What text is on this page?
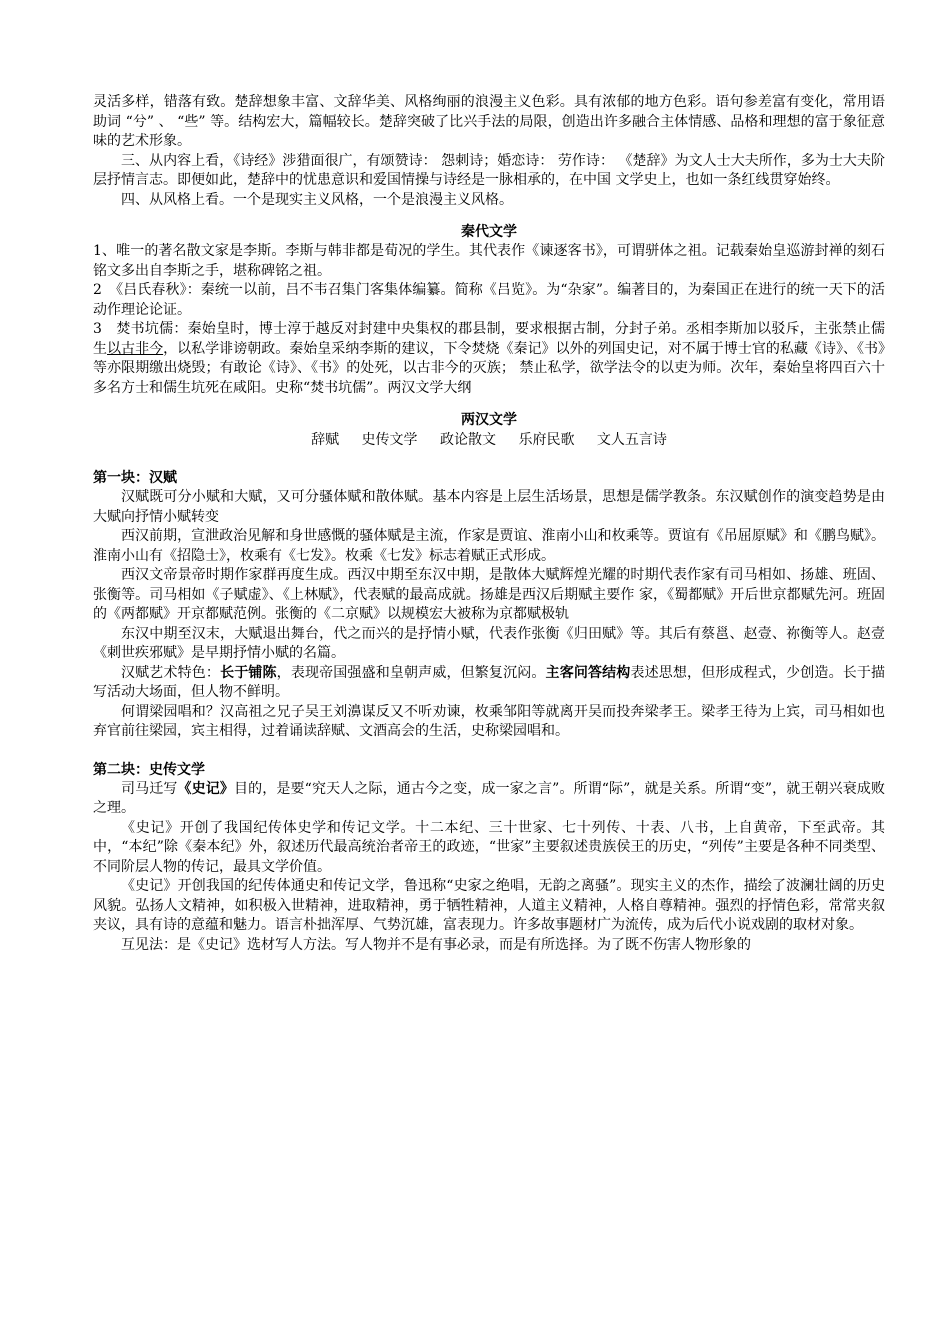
灵活多样，错落有致。楚辞想象丰富、文辞华美、风格绚丽的浪漫主义色彩。具有浓郁的地方色彩。语句参差富有变化，常用语助词 “兮” 、 “些” 等。结构宏大，篇幅较长。楚辞突破了比兴手法的局限，创造出许多融合主体情感、品格和理想的富于象征意味的艺术形象。

三、从内容上看，《诗经》涉猎面很广，有颂赞诗： 怨刺诗；婚恋诗： 劳作诗： 《楚辞》为文人士大夫所作，多为士大夫阶层抒情言志。即便如此，楚辞中的忧患意识和爱国情操与诗经是一脉相承的，在中国 文学史上，也如一条红线贯穿始终。

四、从风格上看。一个是现实主义风格，一个是浪漫主义风格。

秦代文学

1、唯一的著名散文家是李斯。李斯与韩非都是荀况的学生。其代表作《谏逐客书》，可谓骈体之祖。记载秦始皇巡游封禅的刻石铭文多出自李斯之手，堪称碑铭之祖。

2　《吕氏春秋》：秦统一以前，吕不韦召集门客集体编纂。简称《吕览》。为“杂家”。编著目的，为秦国正在进行的统一天下的活动作理论论证。

3　焚书坑儒：秦始皇时，博士淳于越反对封建中央集权的郡县制，要求根据古制，分封子弟。丞相李斯加以驳斥，主张禁止儒生以古非今，以私学诽谤朝政。秦始皇采纳李斯的建议，下令焚烧《秦记》以外的列国史记，对不属于博士官的私藏《诗》、《书》等亦限期缴出烧毁；有敢论《诗》、《书》的处死，以古非今的灭族； 禁止私学，欲学法令的以吏为师。次年，秦始皇将四百六十多名方士和儒生坑死在咸阳。史称“焚书坑儒”。两汉文学大纲

两汉文学
辞赋 史传文学 政论散文 乐府民歌 文人五言诗
第一块：汉赋

汉赋既可分小赋和大赋，又可分骚体赋和散体赋。基本内容是上层生活场景，思想是儒学教条。东汉赋创作的演变趋势是由大赋向抒情小赋转变

西汉前期，宣泄政治见解和身世感慨的骚体赋是主流，作家是贾谊、淮南小山和枚乘等。贾谊有《吊屈原赋》和《鹏鸟赋》。淮南小山有《招隐士》，枚乘有《七发》。枚乘《七发》标志着赋正式形成。

西汉文帝景帝时期作家群再度生成。西汉中期至东汉中期，是散体大赋辉煌光耀的时期代表作家有司马相如、扬雄、班固、张衡等。司马相如《子赋虚》、《上林赋》，代表赋的最高成就。扬雄是西汉后期赋主要作 家，《蜀都赋》开后世京都赋先河。班固的《两都赋》开京都赋范例。张衡的《二京赋》以规模宏大被称为京都赋极轨

东汉中期至汉末，大赋退出舞台，代之而兴的是抒情小赋，代表作张衡《归田赋》等。其后有蔡邕、赵壹、祢衡等人。赵壹《刺世疾邪赋》是早期抒情小赋的名篇。

汉赋艺术特色：长于铺陈，表现帝国强盛和皇朝声威，但繁复沉闷。主客问答结构表述思想，但形成程式，少创造。长于描写活动大场面，但人物不鲜明。

何谓梁园唱和？汉高祖之兄子吴王刘濞谋反又不听劝谏，枚乘邹阳等就离开吴而投奔梁孝王。梁孝王待为上宾，司马相如也弃官前往梁园，宾主相得，过着诵读辞赋、文酒高会的生活，史称梁园唱和。

第二块：史传文学

司马迁写《史记》目的，是要“究天人之际，通古今之变，成一家之言”。所谓“际”，就是关系。所谓“变”，就王朝兴衰成败之理。

《史记》开创了我国纪传体史学和传记文学。十二本纪、三十世家、七十列传、十表、八书，上自黄帝，下至武帝。其中，“本纪”除《秦本纪》外，叙述历代最高统治者帝王的政迹，“世家”主要叙述贵族侯王的历史，“列传”主要是各种不同类型、不同阶层人物的传记，最具文学价值。

《史记》开创我国的纪传体通史和传记文学，鲁迅称“史家之绝唱，无韵之离骚”。现实主义的杰作，描绘了波澜壮阔的历史风貌。弘扬人文精神，如积极入世精神，进取精神，勇于牺牲精神，人道主义精神，人格自尊精神。强烈的抒情色彩，常常夹叙夹议，具有诗的意蕴和魅力。语言朴拙浑厚、气势沉雄，富表现力。许多故事题材广为流传，成为后代小说戏剧的取材对象。

互见法：是《史记》选材写人方法。写人物并不是有事必录，而是有所选择。为了既不伤害人物形象的
